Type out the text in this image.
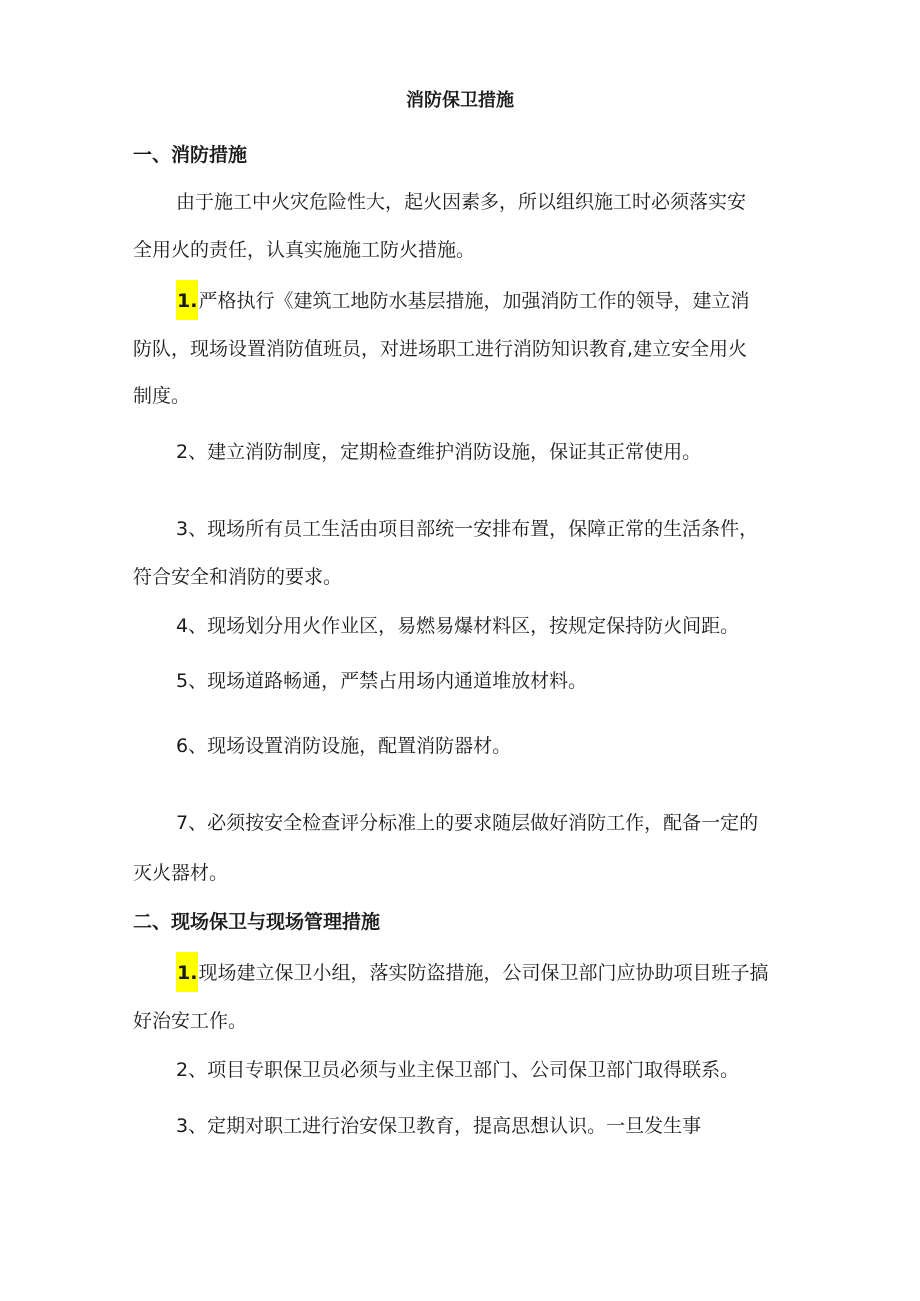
消防保卫措施
一、消防措施
由于施工中火灾危险性大，起火因素多，所以组织施工时必须落实安
全用火的责任，认真实施施工防火措施。
1.严格执行《建筑工地防水基层措施，加强消防工作的领导，建立消
防队，现场设置消防值班员，对进场职工进行消防知识教育,建立安全用火
制度。
2、建立消防制度，定期检查维护消防设施，保证其正常使用。
3、现场所有员工生活由项目部统一安排布置，保障正常的生活条件，
符合安全和消防的要求。
4、现场划分用火作业区，易燃易爆材料区，按规定保持防火间距。
5、现场道路畅通，严禁占用场内通道堆放材料。
6、现场设置消防设施，配置消防器材。
7、必须按安全检查评分标准上的要求随层做好消防工作，配备一定的
灭火器材。
二、现场保卫与现场管理措施
1.现场建立保卫小组，落实防盗措施，公司保卫部门应协助项目班子搞
好治安工作。
2、项目专职保卫员必须与业主保卫部门、公司保卫部门取得联系。
3、定期对职工进行治安保卫教育，提高思想认识。一旦发生事
